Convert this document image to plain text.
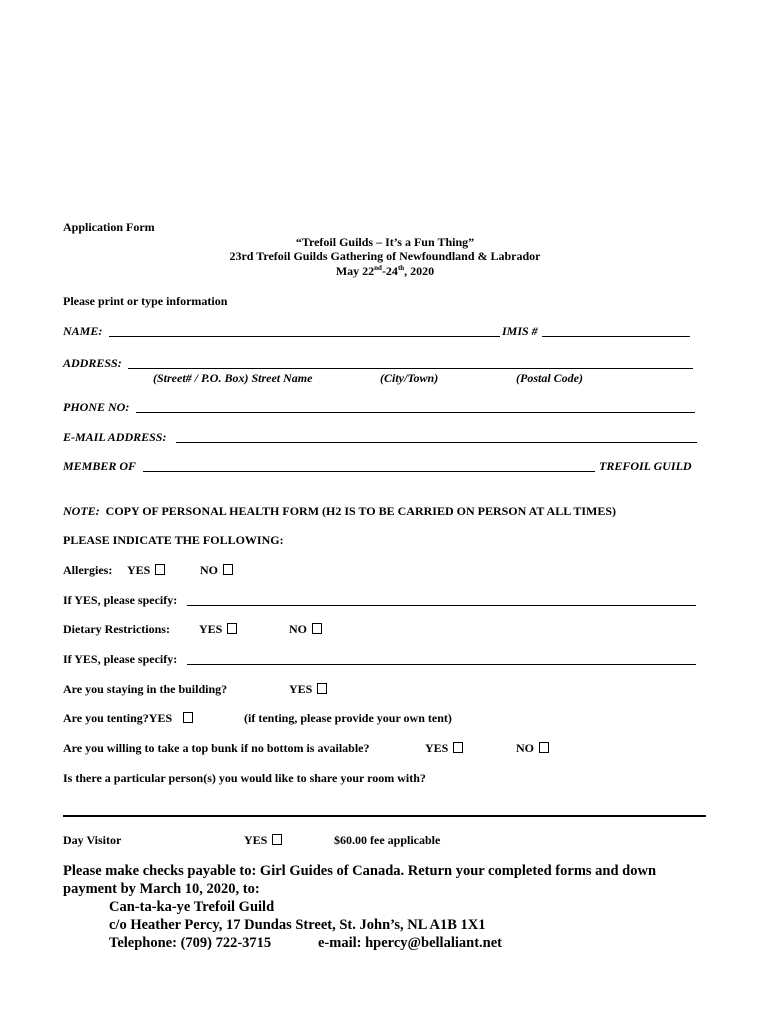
Application Form
“Trefoil Guilds – It’s a Fun Thing”
23rd Trefoil Guilds Gathering of Newfoundland & Labrador
May 22nd-24th, 2020
Please print or type information
NAME:	IMIS #
ADDRESS:
(Street# / P.O. Box) Street Name	(City/Town)	(Postal Code)
PHONE NO:
E-MAIL ADDRESS:
MEMBER OF	TREFOIL GUILD
NOTE: COPY OF PERSONAL HEALTH FORM (H2 IS TO BE CARRIED ON PERSON AT ALL TIMES)
PLEASE INDICATE THE FOLLOWING:
Allergies: YES	NO
If YES, please specify:
Dietary Restrictions: YES	NO
If YES, please specify:
Are you staying in the building?	YES
Are you tenting?YES	(if tenting, please provide your own tent)
Are you willing to take a top bunk if no bottom is available?	YES	NO
Is there a particular person(s) you would like to share your room with?
Day Visitor	YES	$60.00 fee applicable
Please make checks payable to: Girl Guides of Canada. Return your completed forms and down
payment by March 10, 2020, to:
Can-ta-ka-ye Trefoil Guild
c/o Heather Percy, 17 Dundas Street, St. John’s, NL A1B 1X1
Telephone: (709) 722-3715	e-mail: hpercy@bellaliant.net
